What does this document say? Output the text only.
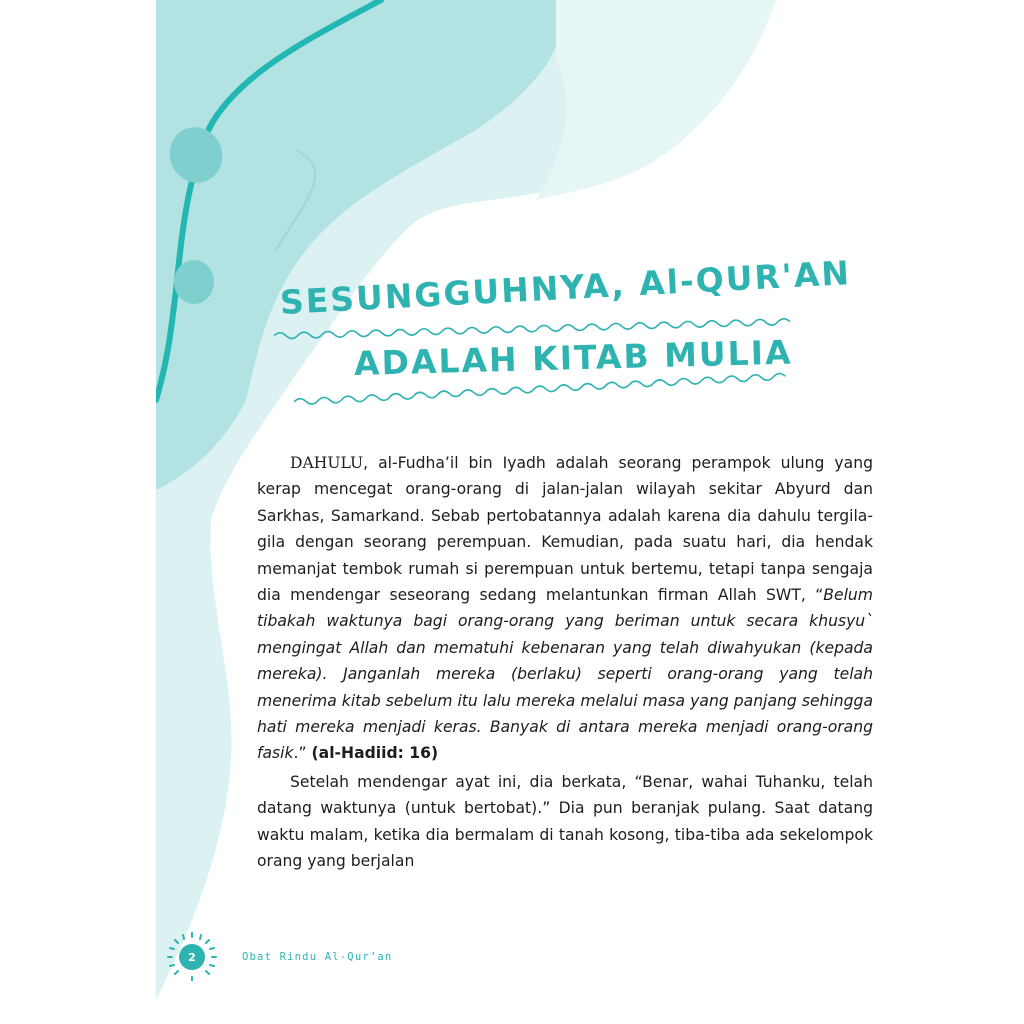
SESUNGGUHNYA, Al-QUR'AN
ADALAH KITAB MULIA

DAHULU, al-Fudha’il bin Iyadh adalah seorang perampok ulung yang kerap mencegat orang-orang di jalan-jalan wilayah sekitar Abyurd dan Sarkhas, Samarkand. Sebab pertobatannya adalah karena dia dahulu tergila-gila dengan seorang perempuan. Kemudian, pada suatu hari, dia hendak memanjat tembok rumah si perempuan untuk bertemu, tetapi tanpa sengaja dia mendengar seseorang sedang melantunkan firman Allah SWT, “Belum tibakah waktunya bagi orang-orang yang beriman untuk secara khusyu` mengingat Allah dan mematuhi kebenaran yang telah diwahyukan (kepada mereka). Janganlah mereka (berlaku) seperti orang-orang yang telah menerima kitab sebelum itu lalu mereka melalui masa yang panjang sehingga hati mereka menjadi keras. Banyak di antara mereka menjadi orang-orang fasik.” (al-Hadiid: 16)

Setelah mendengar ayat ini, dia berkata, “Benar, wahai Tuhanku, telah datang waktunya (untuk bertobat).” Dia pun beranjak pulang. Saat datang waktu malam, ketika dia bermalam di tanah kosong, tiba-tiba ada sekelompok orang yang berjalan

2	Obat Rindu Al-Qur’an
